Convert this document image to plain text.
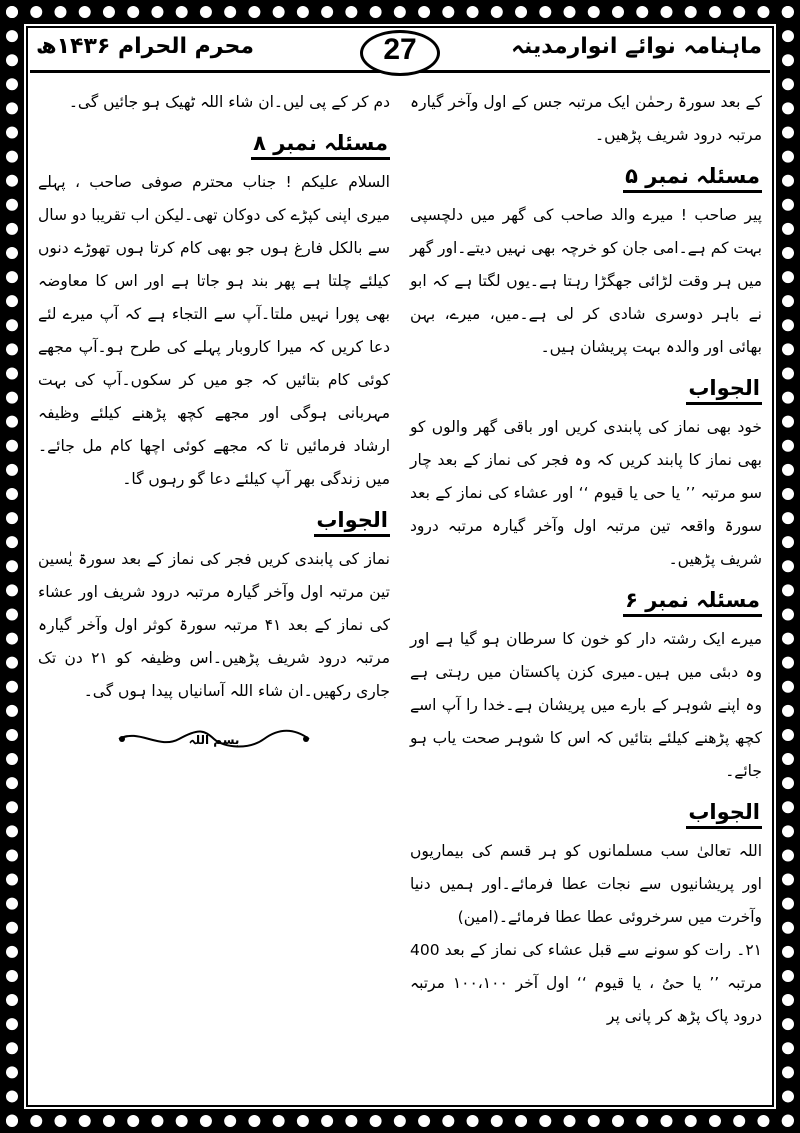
ماہنامہ نوائے انوارمدینہ
27
محرم الحرام ۱۴۳۶ھ

کے بعد سورۃ رحمٰن ایک مرتبہ جس کے اول وآخر گیارہ مرتبہ درود شریف پڑھیں۔

مسئلہ نمبر ۵

پیر صاحب ! میرے والد صاحب کی گھر میں دلچسپی بہت کم ہے۔امی جان کو خرچہ بھی نہیں دیتے۔اور گھر میں ہر وقت لڑائی جھگڑا رہتا ہے۔یوں لگتا ہے کہ ابو نے باہر دوسری شادی کر لی ہے۔میں، میرے، بہن بھائی اور والدہ بہت پریشان ہیں۔

الجواب

خود بھی نماز کی پابندی کریں اور باقی گھر والوں کو بھی نماز کا پابند کریں کہ وہ فجر کی نماز کے بعد چار سو مرتبہ ’’ یا حی یا قیوم ‘‘ اور عشاء کی نماز کے بعد سورۃ واقعہ تین مرتبہ اول وآخر گیارہ مرتبہ درود شریف پڑھیں۔

مسئلہ نمبر ۶

میرے ایک رشتہ دار کو خون کا سرطان ہو گیا ہے اور وہ دبئی میں ہیں۔میری کزن پاکستان میں رہتی ہے وہ اپنے شوہر کے بارے میں پریشان ہے۔خدا را آپ اسے کچھ پڑھنے کیلئے بتائیں کہ اس کا شوہر صحت یاب ہو جائے۔

الجواب

اللہ تعالیٰ سب مسلمانوں کو ہر قسم کی بیماریوں اور پریشانیوں سے نجات عطا فرمائے۔اور ہمیں دنیا وآخرت میں سرخروئی عطا عطا فرمائے۔(امین)

۲۱۔ رات کو سونے سے قبل عشاء کی نماز کے بعد 400 مرتبہ ’’ یا حیُ ، یا قیوم ‘‘ اول آخر ۱۰۰،۱۰۰ مرتبہ درود پاک پڑھ کر پانی پر

دم کر کے پی لیں۔ان شاء اللہ ٹھیک ہو جائیں گی۔

مسئلہ نمبر ۸

السلام علیکم ! جناب محترم صوفی صاحب ، پہلے میری اپنی کپڑے کی دوکان تھی۔لیکن اب تقریبا دو سال سے بالکل فارغ ہوں جو بھی کام کرتا ہوں تھوڑے دنوں کیلئے چلتا ہے پھر بند ہو جاتا ہے اور اس کا معاوضہ بھی پورا نہیں ملتا۔آپ سے التجاء ہے کہ آپ میرے لئے دعا کریں کہ میرا کاروبار پہلے کی طرح ہو۔آپ مجھے کوئی کام بتائیں کہ جو میں کر سکوں۔آپ کی بہت مہربانی ہوگی اور مجھے کچھ پڑھنے کیلئے وظیفہ ارشاد فرمائیں تا کہ مجھے کوئی اچھا کام مل جائے۔میں زندگی بھر آپ کیلئے دعا گو رہوں گا۔

الجواب

نماز کی پابندی کریں فجر کی نماز کے بعد سورۃ یٰسین تین مرتبہ اول وآخر گیارہ مرتبہ درود شریف اور عشاء کی نماز کے بعد ۴۱ مرتبہ سورۃ کوثر اول وآخر گیارہ مرتبہ درود شریف پڑھیں۔اس وظیفہ کو ۲۱ دن تک جاری رکھیں۔ان شاء اللہ آسانیاں پیدا ہوں گی۔

بسم اللہ
